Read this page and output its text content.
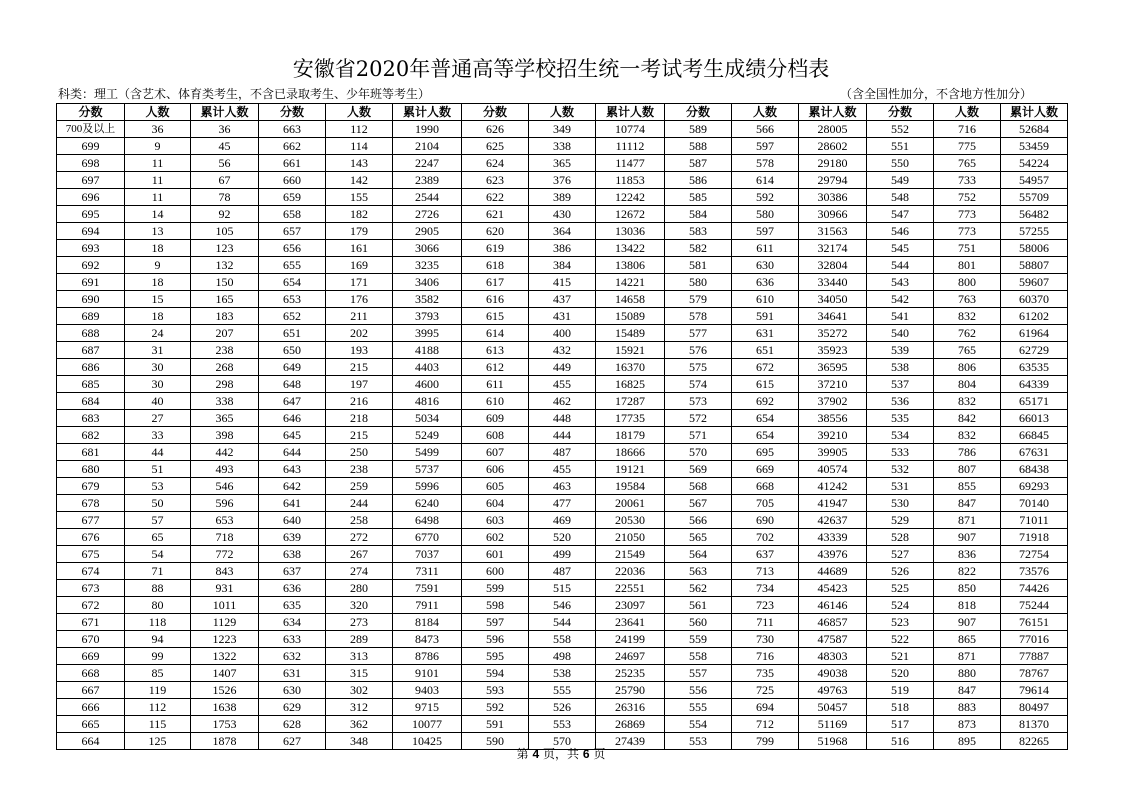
安徽省2020年普通高等学校招生统一考试考生成绩分档表
科类：理工（含艺术、体育类考生，不含已录取考生、少年班等考生）	（含全国性加分，不含地方性加分）
分数	人数	累计人数	分数	人数	累计人数	分数	人数	累计人数	分数	人数	累计人数	分数	人数	累计人数
700及以上	36	36	663	112	1990	626	349	10774	589	566	28005	552	716	52684
699	9	45	662	114	2104	625	338	11112	588	597	28602	551	775	53459
698	11	56	661	143	2247	624	365	11477	587	578	29180	550	765	54224
697	11	67	660	142	2389	623	376	11853	586	614	29794	549	733	54957
696	11	78	659	155	2544	622	389	12242	585	592	30386	548	752	55709
695	14	92	658	182	2726	621	430	12672	584	580	30966	547	773	56482
694	13	105	657	179	2905	620	364	13036	583	597	31563	546	773	57255
693	18	123	656	161	3066	619	386	13422	582	611	32174	545	751	58006
692	9	132	655	169	3235	618	384	13806	581	630	32804	544	801	58807
691	18	150	654	171	3406	617	415	14221	580	636	33440	543	800	59607
690	15	165	653	176	3582	616	437	14658	579	610	34050	542	763	60370
689	18	183	652	211	3793	615	431	15089	578	591	34641	541	832	61202
688	24	207	651	202	3995	614	400	15489	577	631	35272	540	762	61964
687	31	238	650	193	4188	613	432	15921	576	651	35923	539	765	62729
686	30	268	649	215	4403	612	449	16370	575	672	36595	538	806	63535
685	30	298	648	197	4600	611	455	16825	574	615	37210	537	804	64339
684	40	338	647	216	4816	610	462	17287	573	692	37902	536	832	65171
683	27	365	646	218	5034	609	448	17735	572	654	38556	535	842	66013
682	33	398	645	215	5249	608	444	18179	571	654	39210	534	832	66845
681	44	442	644	250	5499	607	487	18666	570	695	39905	533	786	67631
680	51	493	643	238	5737	606	455	19121	569	669	40574	532	807	68438
679	53	546	642	259	5996	605	463	19584	568	668	41242	531	855	69293
678	50	596	641	244	6240	604	477	20061	567	705	41947	530	847	70140
677	57	653	640	258	6498	603	469	20530	566	690	42637	529	871	71011
676	65	718	639	272	6770	602	520	21050	565	702	43339	528	907	71918
675	54	772	638	267	7037	601	499	21549	564	637	43976	527	836	72754
674	71	843	637	274	7311	600	487	22036	563	713	44689	526	822	73576
673	88	931	636	280	7591	599	515	22551	562	734	45423	525	850	74426
672	80	1011	635	320	7911	598	546	23097	561	723	46146	524	818	75244
671	118	1129	634	273	8184	597	544	23641	560	711	46857	523	907	76151
670	94	1223	633	289	8473	596	558	24199	559	730	47587	522	865	77016
669	99	1322	632	313	8786	595	498	24697	558	716	48303	521	871	77887
668	85	1407	631	315	9101	594	538	25235	557	735	49038	520	880	78767
667	119	1526	630	302	9403	593	555	25790	556	725	49763	519	847	79614
666	112	1638	629	312	9715	592	526	26316	555	694	50457	518	883	80497
665	115	1753	628	362	10077	591	553	26869	554	712	51169	517	873	81370
664	125	1878	627	348	10425	590	570	27439	553	799	51968	516	895	82265
第 4 页，共 6 页
